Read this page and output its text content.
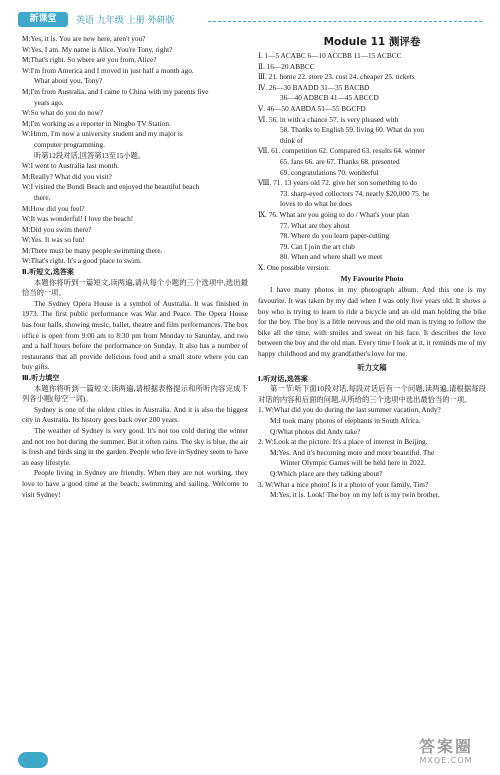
新课堂	英语 九年级 上册 外研版
M:Yes, it is. You are new here, aren't you?
W:Yes, I am. My name is Alice. You're Tony, right?
M:That's right. So where are you from, Alice?
W:I'm from America and I moved in just half a month ago.
What about you, Tony?
M:I'm from Australia, and I came to China with my parents five
years ago.
W:So what do you do now?
M:I'm working as a reporter in Ningbo TV Station.
W:Hmm, I'm now a university student and my major is
computer programming.
听第12段对话,回答第13至15小题。
W:I went to Australia last month.
M:Really? What did you visit?
W:I visited the Bondi Beach and enjoyed the beautiful beach
there.
M:How did you feel?
W:It was wonderful! I love the beach!
M:Did you swim there?
W:Yes. It was so fun!
M:There must be many people swimming there.
W:That's right. It's a good place to swim.
Ⅱ.听短文,选答案
本题你将听到一篇短文,读两遍,请从每个小题的三个选项中,选出最恰当的一项。
The Sydney Opera House is a symbol of Australia. It was finished in 1973. The first public performance was War and Peace. The Opera House has four halls, showing music, ballet, theatre and film performances. The box office is open from 9:00 am to 8:30 pm from Monday to Saturday, and two and a half hours before the performance on Sunday. It also has a number of restaurants that all provide delicious food and a small store where you can buy gifts.
Ⅲ.听力填空
本题你将听到一篇短文,读两遍,请根据表格提示和所听内容完成下列各小题(每空一词)。
Sydney is one of the oldest cities in Australia. And it is also the biggest city in Australia. Its history goes back over 200 years.
The weather of Sydney is very good. It's not too cold during the winter and not too hot during the summer. But it often rains. The sky is blue, the air is fresh and birds sing in the garden. People who live in Sydney seem to have an easy lifestyle.
People living in Sydney are friendly. When they are not working, they love to have a good time at the beach, swimming and sailing. Welcome to visit Sydney!
Module 11 测评卷
Ⅰ. 1—5 ACABC 6—10 ACCBB 11—15 ACBCC
Ⅱ. 16—20 ABBCC
Ⅲ. 21. home 22. store 23. cost 24. cheaper 25. tickets
Ⅳ. 26—30 BAADD 31—35 BACBD
36—40 ADBCB 41—45 ABCCD
Ⅴ. 46—50 AABDA 51—55 BGCFD
Ⅵ. 56. in with a chance 57. is very pleased with
58. Thanks to English 59. living 60. What do you
think of
Ⅶ. 61. competition 62. Compared 63. results 64. winner
65. fans 66. are 67. Thanks 68. presented
69. congratulations 70. wonderful
Ⅷ. 71. 13 years old 72. give her son something to do
73. sharp-eyed collectors 74. nearly $20,000 75. he
loves to do what he does
Ⅸ. 76. What are you going to do / What's your plan
77. What are they about
78. Where do you learn paper-cutting
79. Can I join the art club
80. When and where shall we meet
Ⅹ. One possible version:
My Favourite Photo
I have many photos in my photograph album. And this one is my favourite. It was taken by my dad when I was only five years old. It shows a boy who is trying to learn to ride a bicycle and an old man holding the bike for the boy. The boy is a little nervous and the old man is trying to follow the bike all the time, with smiles and sweat on his face. It describes the love between the boy and the old man. Every time I look at it, it reminds me of my happy childhood and my grandfather's love for me.
听力文稿
Ⅰ.听对话,选答案
第一节:听下面10段对话,每段对话后有一个问题,读两遍,请根据每段对话的内容和后面的问题,从所给的三个选项中选出最恰当的一项。
1. W:What did you do during the last summer vacation, Andy?
M:I took many photos of elephants in South Africa.
Q:What photos did Andy take?
2. W:Look at the picture. It's a place of interest in Beijing.
M:Yes. And it's becoming more and more beautiful. The
Winter Olympic Games will be held here in 2022.
Q:Which place are they talking about?
3. W:What a nice photo! Is it a photo of your family, Tim?
M:Yes, it is. Look! The boy on my left is my twin brother,
答案圈
MXQE.COM
